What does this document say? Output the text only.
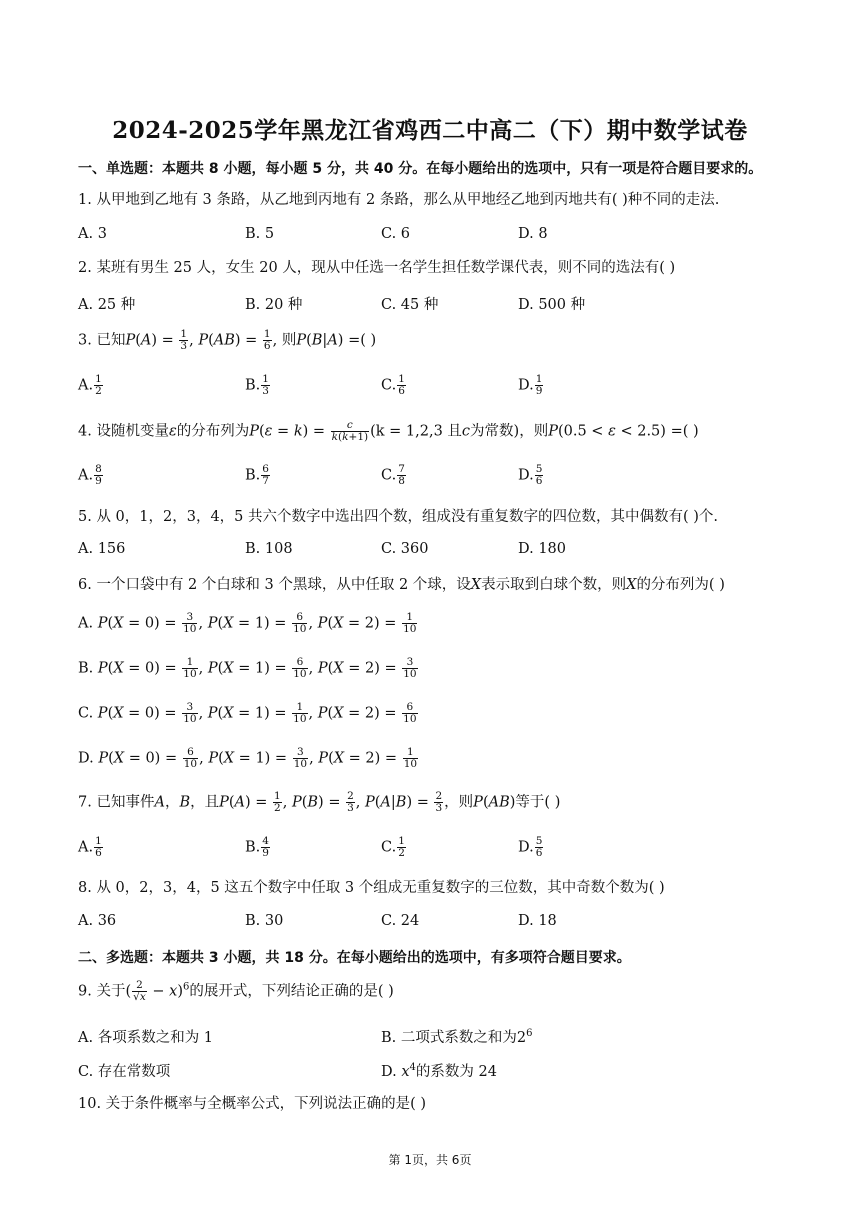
2024-2025学年黑龙江省鸡西二中高二（下）期中数学试卷
一、单选题：本题共 8 小题，每小题 5 分，共 40 分。在每小题给出的选项中，只有一项是符合题目要求的。
1. 从甲地到乙地有 3 条路，从乙地到丙地有 2 条路，那么从甲地经乙地到丙地共有( )种不同的走法.
A. 3	B. 5	C. 6	D. 8
2. 某班有男生 25 人，女生 20 人，现从中任选一名学生担任数学课代表，则不同的选法有( )
A. 25 种	B. 20 种	C. 45 种	D. 500 种
3. 已知$P(A) = \frac{1}{3}$ , $P(AB) = \frac{1}{6}$ , 则P(B|A) =( )
A. $\frac{1}{2}$	B. $\frac{1}{3}$	C. $\frac{1}{6}$	D. $\frac{1}{9}$
4. 设随机变量ε的分布列为$P(\varepsilon = k) = \frac{c}{k(k+1)} (k = 1,2,3$ 且c为常数)，则P(0.5 < ε < 2.5) =( )
A. $\frac{8}{9}$	B. $\frac{6}{7}$	C. $\frac{7}{8}$	D. $\frac{5}{6}$
5. 从 0，1，2，3，4，5 共六个数字中选出四个数，组成没有重复数字的四位数，其中偶数有( )个.
A. 156	B. 108	C. 360	D. 180
6. 一个口袋中有 2 个白球和 3 个黑球，从中任取 2 个球，设X表示取到白球个数，则X的分布列为( )
A. $P(X = 0) = \frac{3}{10}$ , $P(X = 1) = \frac{6}{10}$ , $P(X = 2) = \frac{1}{10}$
B. $P(X = 0) = \frac{1}{10}$ , $P(X = 1) = \frac{6}{10}$ , $P(X = 2) = \frac{3}{10}$
C. $P(X = 0) = \frac{3}{10}$ , $P(X = 1) = \frac{1}{10}$ , $P(X = 2) = \frac{6}{10}$
D. $P(X = 0) = \frac{6}{10}$ , $P(X = 1) = \frac{3}{10}$ , $P(X = 2) = \frac{1}{10}$
7. 已知事件A，B，且$P(A) = \frac{1}{2}$ , $P(B) = \frac{2}{3}$ , $P(A|B) = \frac{2}{3}$ ，则P(AB)等于( )
A. $\frac{1}{6}$	B. $\frac{4}{9}$	C. $\frac{1}{2}$	D. $\frac{5}{6}$
8. 从 0，2，3，4，5 这五个数字中任取 3 个组成无重复数字的三位数，其中奇数个数为( )
A. 36	B. 30	C. 24	D. 18
二、多选题：本题共 3 小题，共 18 分。在每小题给出的选项中，有多项符合题目要求。
9. 关于( $\frac{2}{√x} - x)^6$的展开式，下列结论正确的是( )
A. 各项系数之和为 1	B. 二项式系数之和为$2^6$
C. 存在常数项	D. $x^4$的系数为 24
10. 关于条件概率与全概率公式，下列说法正确的是( )
第 1页，共 6页
